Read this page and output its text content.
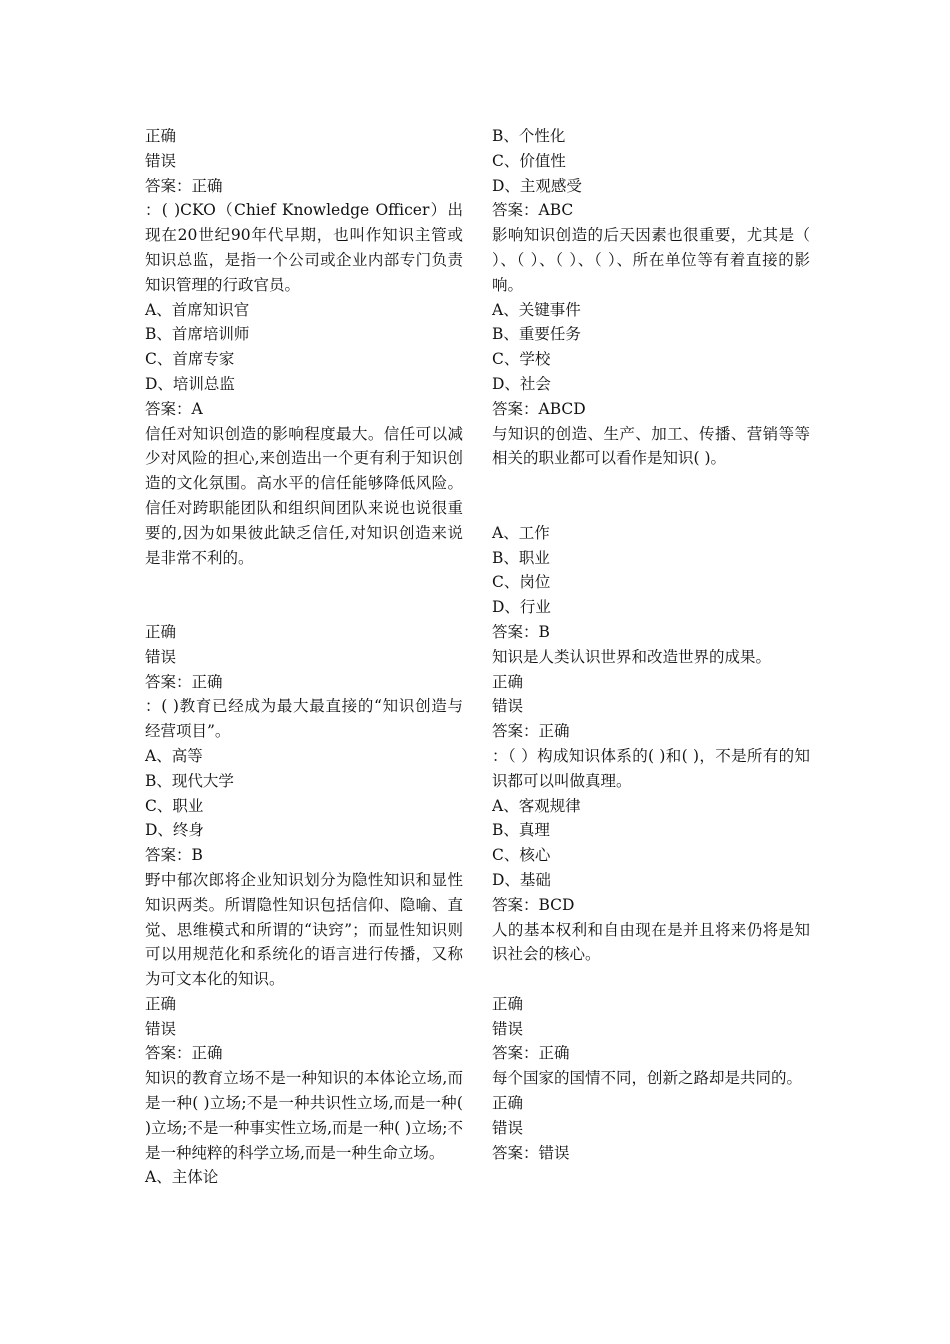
正确
错误
答案：正确
：( )CKO（Chief Knowledge Officer）出现在20世纪90年代早期，也叫作知识主管或知识总监，是指一个公司或企业内部专门负责知识管理的行政官员。
A、首席知识官
B、首席培训师
C、首席专家
D、培训总监
答案：A
信任对知识创造的影响程度最大。信任可以减少对风险的担心,来创造出一个更有利于知识创造的文化氛围。高水平的信任能够降低风险。信任对跨职能团队和组织间团队来说也说很重要的,因为如果彼此缺乏信任,对知识创造来说是非常不利的。
正确
错误
答案：正确
：( )教育已经成为最大最直接的“知识创造与经营项目”。
A、高等
B、现代大学
C、职业
D、终身
答案：B
野中郁次郎将企业知识划分为隐性知识和显性知识两类。所谓隐性知识包括信仰、隐喻、直觉、思维模式和所谓的“诀窍”；而显性知识则可以用规范化和系统化的语言进行传播，又称为可文本化的知识。
正确
错误
答案：正确
知识的教育立场不是一种知识的本体论立场,而是一种( )立场;不是一种共识性立场,而是一种( )立场;不是一种事实性立场,而是一种( )立场;不是一种纯粹的科学立场,而是一种生命立场。
A、主体论
B、个性化
C、价值性
D、主观感受
答案：ABC
影响知识创造的后天因素也很重要，尤其是（ ）、（ ）、（ ）、（ ）、所在单位等有着直接的影响。
A、关键事件
B、重要任务
C、学校
D、社会
答案：ABCD
与知识的创造、生产、加工、传播、营销等等相关的职业都可以看作是知识( )。
A、工作
B、职业
C、岗位
D、行业
答案：B
知识是人类认识世界和改造世界的成果。
正确
错误
答案：正确
：（ ）构成知识体系的( )和( )，不是所有的知识都可以叫做真理。
A、客观规律
B、真理
C、核心
D、基础
答案：BCD
人的基本权利和自由现在是并且将来仍将是知识社会的核心。
正确
错误
答案：正确
每个国家的国情不同，创新之路却是共同的。
正确
错误
答案：错误
